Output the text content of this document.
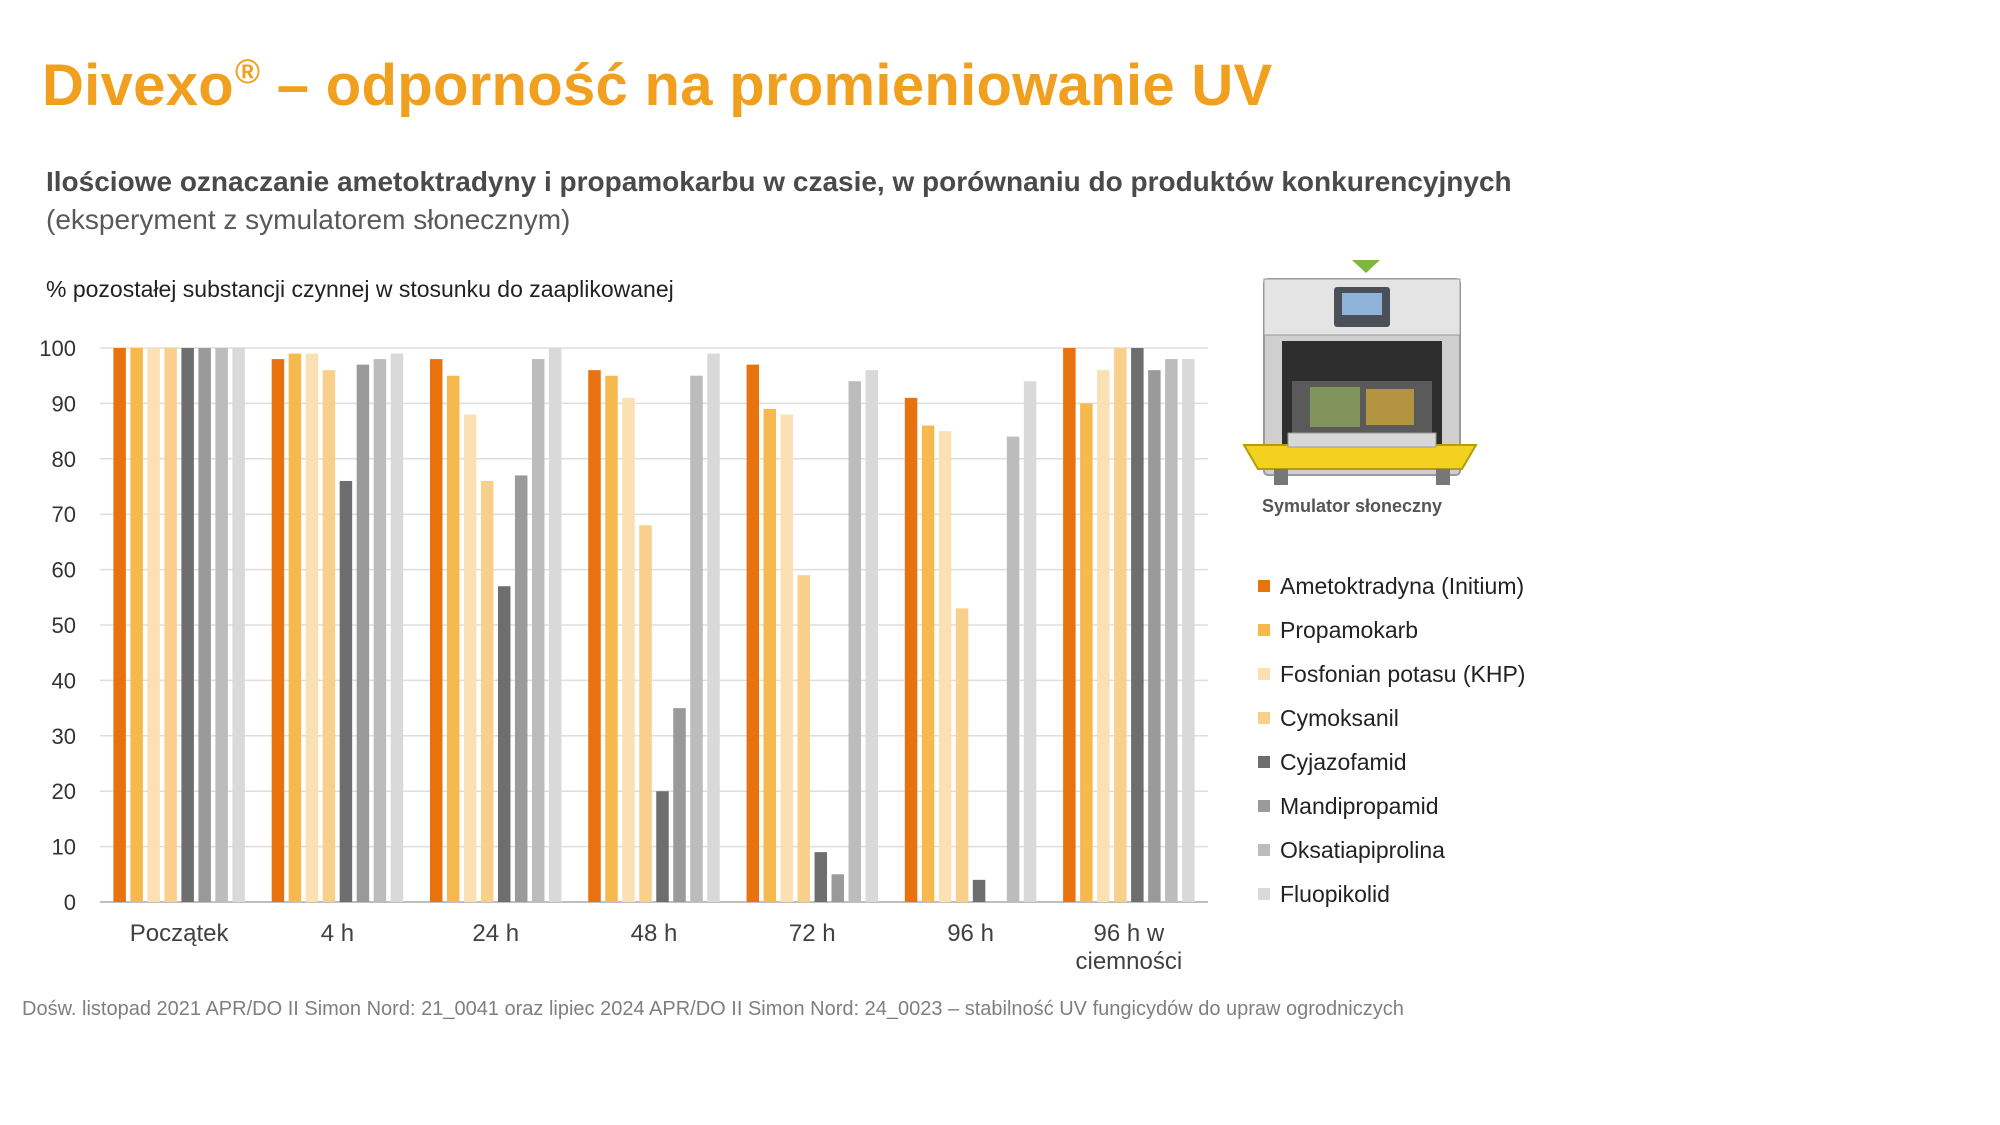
Divexo® – odporność na promieniowanie UV
Ilościowe oznaczanie ametoktradyny i propamokarbu w czasie, w porównaniu do produktów konkurencyjnych
(eksperyment z symulatorem słonecznym)
% pozostałej substancji czynnej w stosunku do zaaplikowanej
0
10
20
30
40
50
60
70
80
90
100
Początek	4 h	24 h	48 h	72 h	96 h	96 h w
ciemności
Symulator słoneczny
Ametoktradyna (Initium)
Propamokarb
Fosfonian potasu (KHP)
Cymoksanil
Cyjazofamid
Mandipropamid
Oksatiapiprolina
Fluopikolid
Dośw. listopad 2021 APR/DO II Simon Nord: 21_0041 oraz lipiec 2024 APR/DO II Simon Nord: 24_0023 – stabilność UV fungicydów do upraw ogrodniczych
